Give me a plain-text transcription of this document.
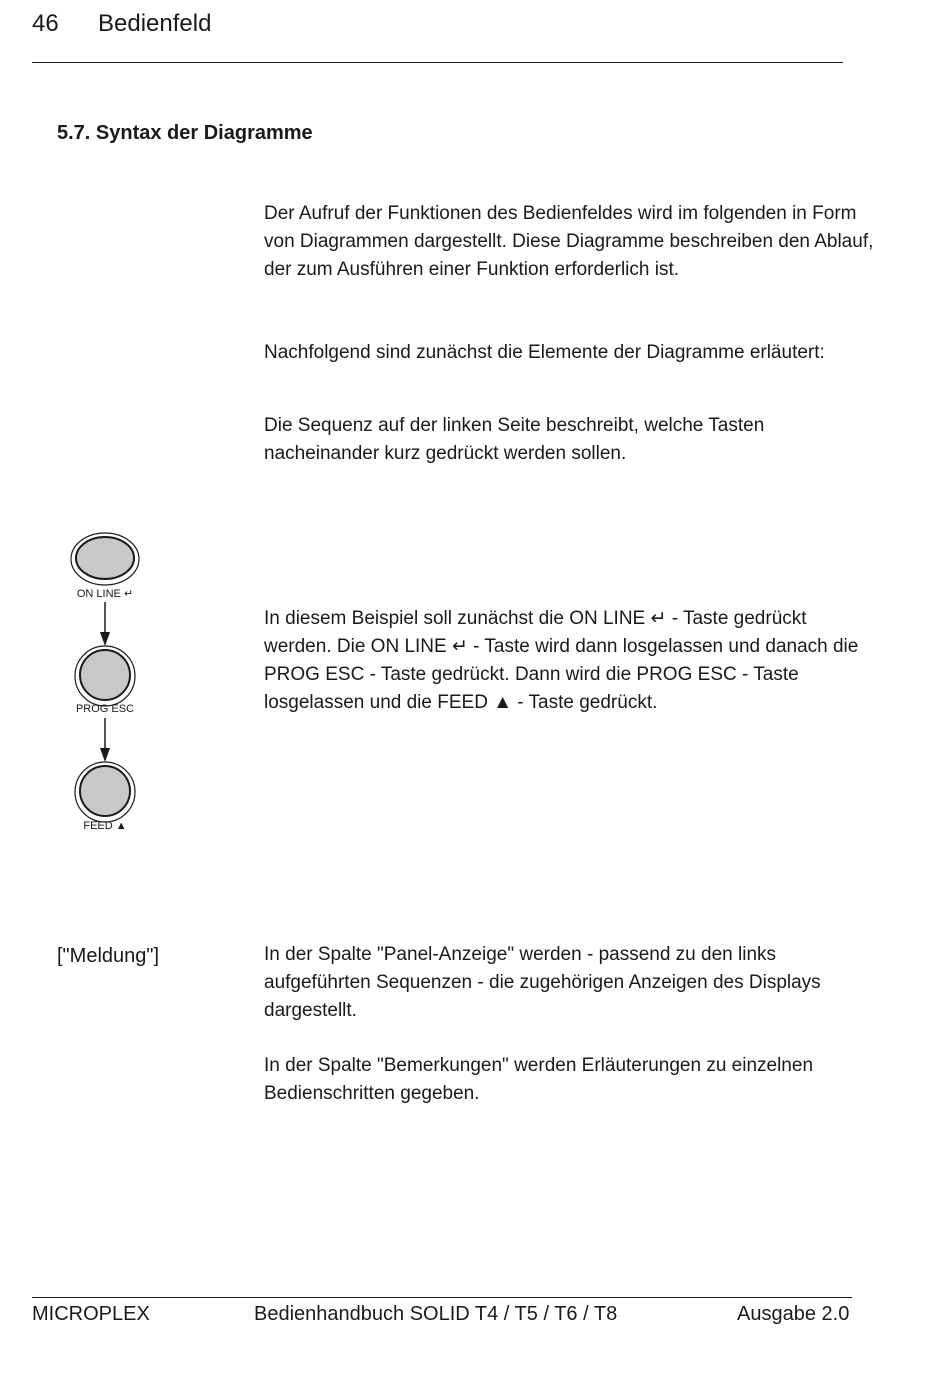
46 Bedienfeld
5.7. Syntax der Diagramme

Der Aufruf der Funktionen des Bedienfeldes wird im folgenden in Form von Diagrammen dargestellt. Diese Diagramme beschreiben den Ablauf, der zum Ausführen einer Funktion erforderlich ist.

Nachfolgend sind zunächst die Elemente der Diagramme erläutert:

Die Sequenz auf der linken Seite beschreibt, welche Tasten nacheinander kurz gedrückt werden sollen.

In diesem Beispiel soll zunächst die ON LINE ↵ - Taste gedrückt werden. Die ON LINE ↵ - Taste wird dann losgelassen und danach die PROG ESC - Taste gedrückt. Dann wird die PROG ESC - Taste losgelassen und die FEED ▲ - Taste gedrückt.

In der Spalte "Panel-Anzeige" werden - passend zu den links aufgeführten Sequenzen - die zugehörigen Anzeigen des Displays dargestellt.

In der Spalte "Bemerkungen" werden Erläuterungen zu einzelnen Bedienschritten gegeben.

ON LINE ↵
PROG ESC
FEED ▲
["Meldung"]
MICROPLEX	Bedienhandbuch SOLID T4 / T5 / T6 / T8	Ausgabe 2.0
